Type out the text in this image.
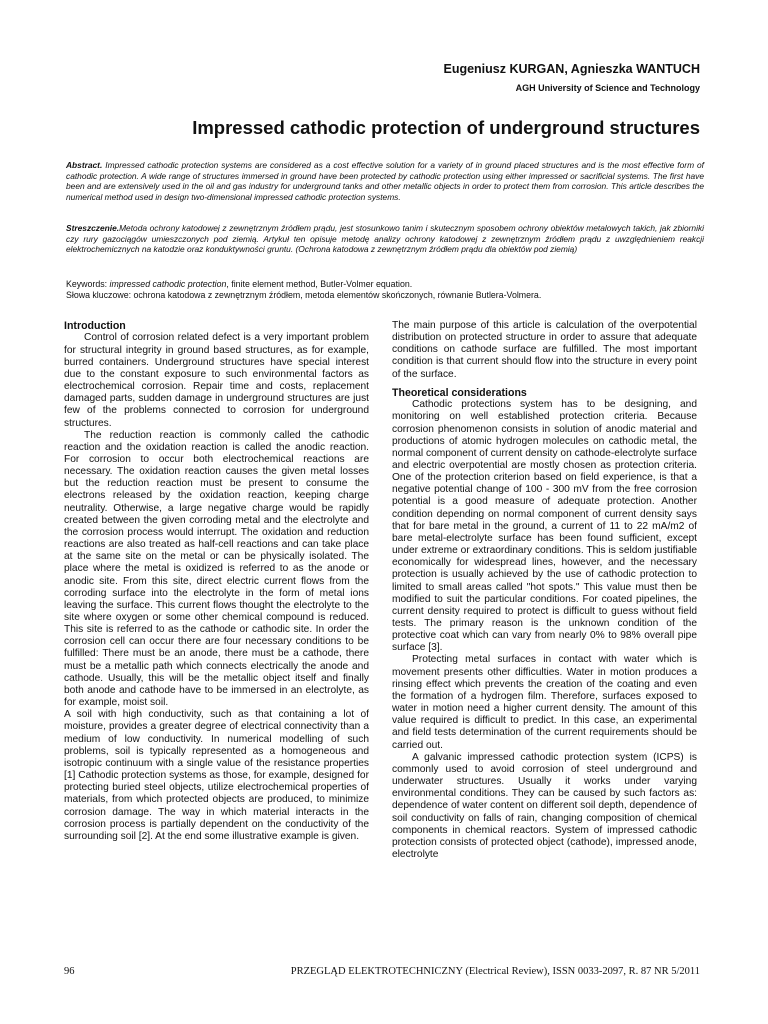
Eugeniusz KURGAN, Agnieszka WANTUCH
AGH University of Science and Technology
Impressed cathodic protection of underground structures

Abstract. Impressed cathodic protection systems are considered as a cost effective solution for a variety of in ground placed structures and is the most effective form of cathodic protection. A wide range of structures immersed in ground have been protected by cathodic protection using either impressed or sacrificial systems. The first have been and are extensively used in the oil and gas industry for underground tanks and other metallic objects in order to protect them from corrosion. This article describes the numerical method used in design two-dimensional impressed cathodic protection systems.

Streszczenie.Metoda ochrony katodowej z zewnętrznym źródłem prądu, jest stosunkowo tanim i skutecznym sposobem ochrony obiektów metalowych takich, jak zbiorniki czy rury gazociągów umieszczonych pod ziemią. Artykuł ten opisuje metodę analizy ochrony katodowej z zewnętrznym źródłem prądu z uwzględnieniem reakcji elektrochemicznych na katodzie oraz konduktywności gruntu. (Ochrona katodowa z zewnętrznym źródłem prądu dla obiektów pod ziemią)

Keywords: impressed cathodic protection, finite element method, Butler-Volmer equation.

Słowa kluczowe: ochrona katodowa z zewnętrznym źródłem, metoda elementów skończonych, równanie Butlera-Volmera.

Introduction

Control of corrosion related defect is a very important problem for structural integrity in ground based structures, as for example, burred containers. Underground structures have special interest due to the constant exposure to such environmental factors as electrochemical corrosion. Repair time and costs, replacement damaged parts, sudden damage in underground structures are just few of the problems connected to corrosion for underground structures.

The reduction reaction is commonly called the cathodic reaction and the oxidation reaction is called the anodic reaction. For corrosion to occur both electrochemical reactions are necessary. The oxidation reaction causes the given metal losses but the reduction reaction must be present to consume the electrons released by the oxidation reaction, keeping charge neutrality. Otherwise, a large negative charge would be rapidly created between the given corroding metal and the electrolyte and the corrosion process would interrupt. The oxidation and reduction reactions are also treated as half-cell reactions and can take place at the same site on the metal or can be physically isolated. The place where the metal is oxidized is referred to as the anode or anodic site. From this site, direct electric current flows from the corroding surface into the electrolyte in the form of metal ions leaving the surface. This current flows thought the electrolyte to the site where oxygen or some other chemical compound is reduced. This site is referred to as the cathode or cathodic site. In order the corrosion cell can occur there are four necessary conditions to be fulfilled: There must be an anode, there must be a cathode, there must be a metallic path which connects electrically the anode and cathode. Usually, this will be the metallic object itself and finally both anode and cathode have to be immersed in an electrolyte, as for example, moist soil.

A soil with high conductivity, such as that containing a lot of moisture, provides a greater degree of electrical connectivity than a medium of low conductivity. In numerical modelling of such problems, soil is typically represented as a homogeneous and isotropic continuum with a single value of the resistance properties [1] Cathodic protection systems as those, for example, designed for protecting buried steel objects, utilize electrochemical properties of materials, from which protected objects are produced, to minimize corrosion damage. The way in which material interacts in the corrosion process is partially dependent on the conductivity of the surrounding soil [2]. At the end some illustrative example is given.

The main purpose of this article is calculation of the overpotential distribution on protected structure in order to assure that adequate conditions on cathode surface are fulfilled. The most important condition is that current should flow into the structure in every point of the surface.

Theoretical considerations

Cathodic protections system has to be designing, and monitoring on well established protection criteria. Because corrosion phenomenon consists in solution of anodic material and productions of atomic hydrogen molecules on cathodic metal, the normal component of current density on cathode-electrolyte surface and electric overpotential are mostly chosen as protection criteria. One of the protection criterion based on field experience, is that a negative potential change of 100 - 300 mV from the free corrosion potential is a good measure of adequate protection. Another condition depending on normal component of current density says that for bare metal in the ground, a current of 11 to 22 mA/m2 of bare metal-electrolyte surface has been found sufficient, except under extreme or extraordinary conditions. This is seldom justifiable economically for widespread lines, however, and the necessary protection is usually achieved by the use of cathodic protection to limited to small areas called "hot spots." This value must then be modified to suit the particular conditions. For coated pipelines, the current density required to protect is difficult to guess without field tests. The primary reason is the unknown condition of the protective coat which can vary from nearly 0% to 98% overall pipe surface [3].

Protecting metal surfaces in contact with water which is movement presents other difficulties. Water in motion produces a rinsing effect which prevents the creation of the coating and even the formation of a hydrogen film. Therefore, surfaces exposed to water in motion need a higher current density. The amount of this value required is difficult to predict. In this case, an experimental and field tests determination of the current requirements should be carried out.

A galvanic impressed cathodic protection system (ICPS) is commonly used to avoid corrosion of steel underground and underwater structures. Usually it works under varying environmental conditions. They can be caused by such factors as: dependence of water content on different soil depth, dependence of soil conductivity on falls of rain, changing composition of chemical components in chemical reactors. System of impressed cathodic protection consists of protected object (cathode), impressed anode, electrolyte

96	PRZEGLĄD ELEKTROTECHNICZNY (Electrical Review), ISSN 0033-2097, R. 87 NR 5/2011
